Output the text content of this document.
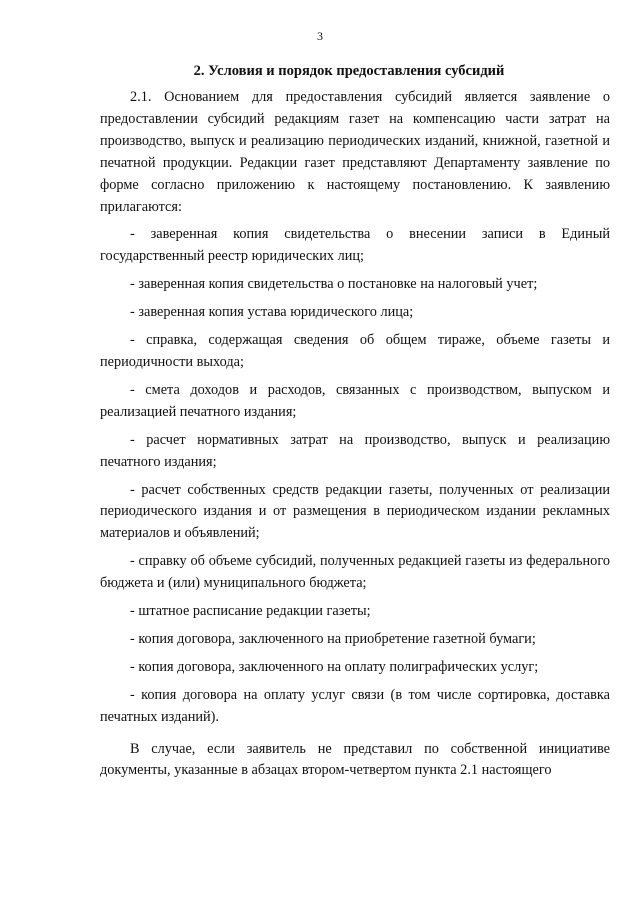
3
2. Условия и порядок предоставления субсидий

2.1. Основанием для предоставления субсидий является заявление о предоставлении субсидий редакциям газет на компенсацию части затрат на производство, выпуск и реализацию периодических изданий, книжной, газетной и печатной продукции. Редакции газет представляют Департаменту заявление по форме согласно приложению к настоящему постановлению. К заявлению прилагаются:

- заверенная копия свидетельства о внесении записи в Единый государственный реестр юридических лиц;

- заверенная копия свидетельства о постановке на налоговый учет;

- заверенная копия устава юридического лица;

- справка, содержащая сведения об общем тираже, объеме газеты и периодичности выхода;

- смета доходов и расходов, связанных с производством, выпуском и реализацией печатного издания;

- расчет нормативных затрат на производство, выпуск и реализацию печатного издания;

- расчет собственных средств редакции газеты, полученных от реализации периодического издания и от размещения в периодическом издании рекламных материалов и объявлений;

- справку об объеме субсидий, полученных редакцией газеты из федерального бюджета и (или) муниципального бюджета;

- штатное расписание редакции газеты;

- копия договора, заключенного на приобретение газетной бумаги;

- копия договора, заключенного на оплату полиграфических услуг;

- копия договора на оплату услуг связи (в том числе сортировка, доставка печатных изданий).

В случае, если заявитель не представил по собственной инициативе документы, указанные в абзацах втором-четвертом пункта 2.1 настоящего
